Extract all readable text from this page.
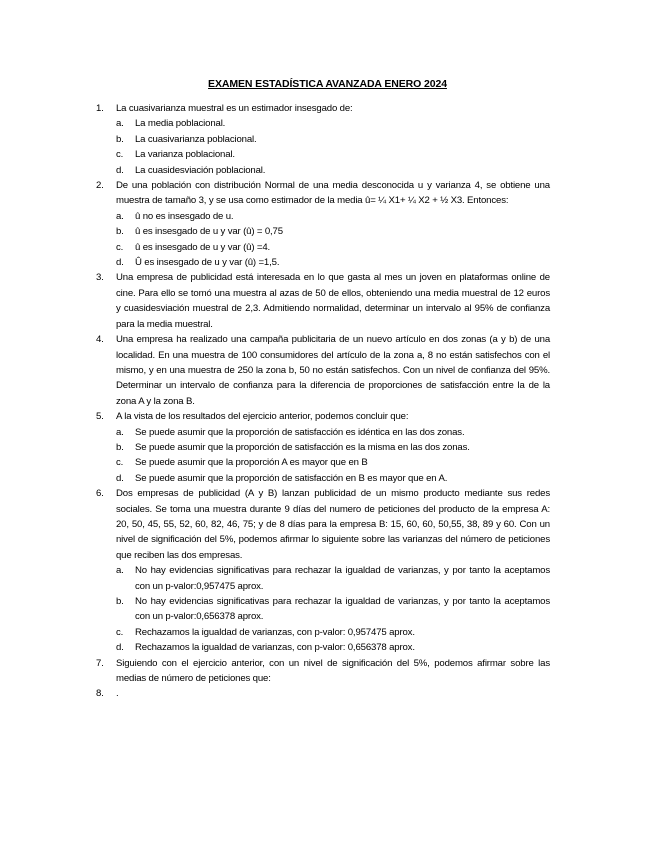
EXAMEN ESTADÍSTICA AVANZADA ENERO 2024
1. La cuasivarianza muestral es un estimador insesgado de:
a. La media poblacional.
b. La cuasivarianza poblacional.
c. La varianza poblacional.
d. La cuasidesviación poblacional.
2. De una población con distribución Normal de una media desconocida u y varianza 4, se obtiene una muestra de tamaño 3, y se usa como estimador de la media û= ¼ X1+ ¼ X2 + ½ X3. Entonces:
a. û no es insesgado de u.
b. û es insesgado de u y var (û) = 0,75
c. û es insesgado de u y var (û) =4.
d. Û es insesgado de u y var (û) =1,5.
3. Una empresa de publicidad está interesada en lo que gasta al mes un joven en plataformas online de cine. Para ello se tomó una muestra al azas de 50 de ellos, obteniendo una media muestral de 12 euros y cuasidesviación muestral de 2,3. Admitiendo normalidad, determinar un intervalo al 95% de confianza para la media muestral.
4. Una empresa ha realizado una campaña publicitaria de un nuevo artículo en dos zonas (a y b) de una localidad. En una muestra de 100 consumidores del artículo de la zona a, 8 no están satisfechos con el mismo, y en una muestra de 250 la zona b, 50 no están satisfechos. Con un nivel de confianza del 95%. Determinar un intervalo de confianza para la diferencia de proporciones de satisfacción entre la de la zona A y la zona B.
5. A la vista de los resultados del ejercicio anterior, podemos concluir que:
a. Se puede asumir que la proporción de satisfacción es idéntica en las dos zonas.
b. Se puede asumir que la proporción de satisfacción es la misma en las dos zonas.
c. Se puede asumir que la proporción A es mayor que en B
d. Se puede asumir que la proporción de satisfacción en B es mayor que en A.
6. Dos empresas de publicidad (A y B) lanzan publicidad de un mismo producto mediante sus redes sociales. Se toma una muestra durante 9 días del numero de peticiones del producto de la empresa A: 20, 50, 45, 55, 52, 60, 82, 46, 75; y de 8 días para la empresa B: 15, 60, 60, 50,55, 38, 89 y 60. Con un nivel de significación del 5%, podemos afirmar lo siguiente sobre las varianzas del número de peticiones que reciben las dos empresas.
a. No hay evidencias significativas para rechazar la igualdad de varianzas, y por tanto la aceptamos con un p-valor:0,957475 aprox.
b. No hay evidencias significativas para rechazar la igualdad de varianzas, y por tanto la aceptamos con un p-valor:0,656378 aprox.
c. Rechazamos la igualdad de varianzas, con p-valor: 0,957475 aprox.
d. Rechazamos la igualdad de varianzas, con p-valor: 0,656378 aprox.
7. Siguiendo con el ejercicio anterior, con un nivel de significación del 5%, podemos afirmar sobre las medias de número de peticiones que:
8. .
